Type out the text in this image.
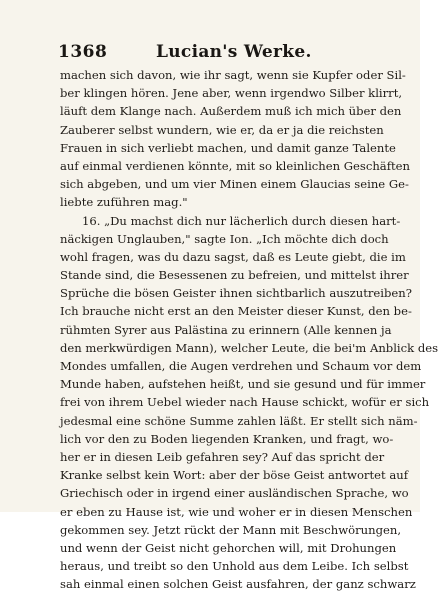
1368	Lucian's Werke.
machen sich davon, wie ihr sagt, wenn sie Kupfer oder Sil-
ber klingen hören. Jene aber, wenn irgendwo Silber klirrt,
läuft dem Klange nach. Außerdem muß ich mich über den
Zauberer selbst wundern, wie er, da er ja die reichsten
Frauen in sich verliebt machen, und damit ganze Talente
auf einmal verdienen könnte, mit so kleinlichen Geschäften
sich abgeben, und um vier Minen einem Glaucias seine Ge-
liebte zuführen mag."
16. „Du machst dich nur lächerlich durch diesen hart-
näckigen Unglauben," sagte Ion. „Ich möchte dich doch
wohl fragen, was du dazu sagst, daß es Leute giebt, die im
Stande sind, die Besessenen zu befreien, und mittelst ihrer
Sprüche die bösen Geister ihnen sichtbarlich auszutreiben?
Ich brauche nicht erst an den Meister dieser Kunst, den be-
rühmten Syrer aus Palästina zu erinnern (Alle kennen ja
den merkwürdigen Mann), welcher Leute, die bei'm Anblick des
Mondes umfallen, die Augen verdrehen und Schaum vor dem
Munde haben, aufstehen heißt, und sie gesund und für immer
frei von ihrem Uebel wieder nach Hause schickt, wofür er sich
jedesmal eine schöne Summe zahlen läßt. Er stellt sich näm-
lich vor den zu Boden liegenden Kranken, und fragt, wo-
her er in diesen Leib gefahren sey? Auf das spricht der
Kranke selbst kein Wort: aber der böse Geist antwortet auf
Griechisch oder in irgend einer ausländischen Sprache, wo
er eben zu Hause ist, wie und woher er in diesen Menschen
gekommen sey. Jetzt rückt der Mann mit Beschwörungen,
und wenn der Geist nicht gehorchen will, mit Drohungen
heraus, und treibt so den Unhold aus dem Leibe. Ich selbst
sah einmal einen solchen Geist ausfahren, der ganz schwarz
